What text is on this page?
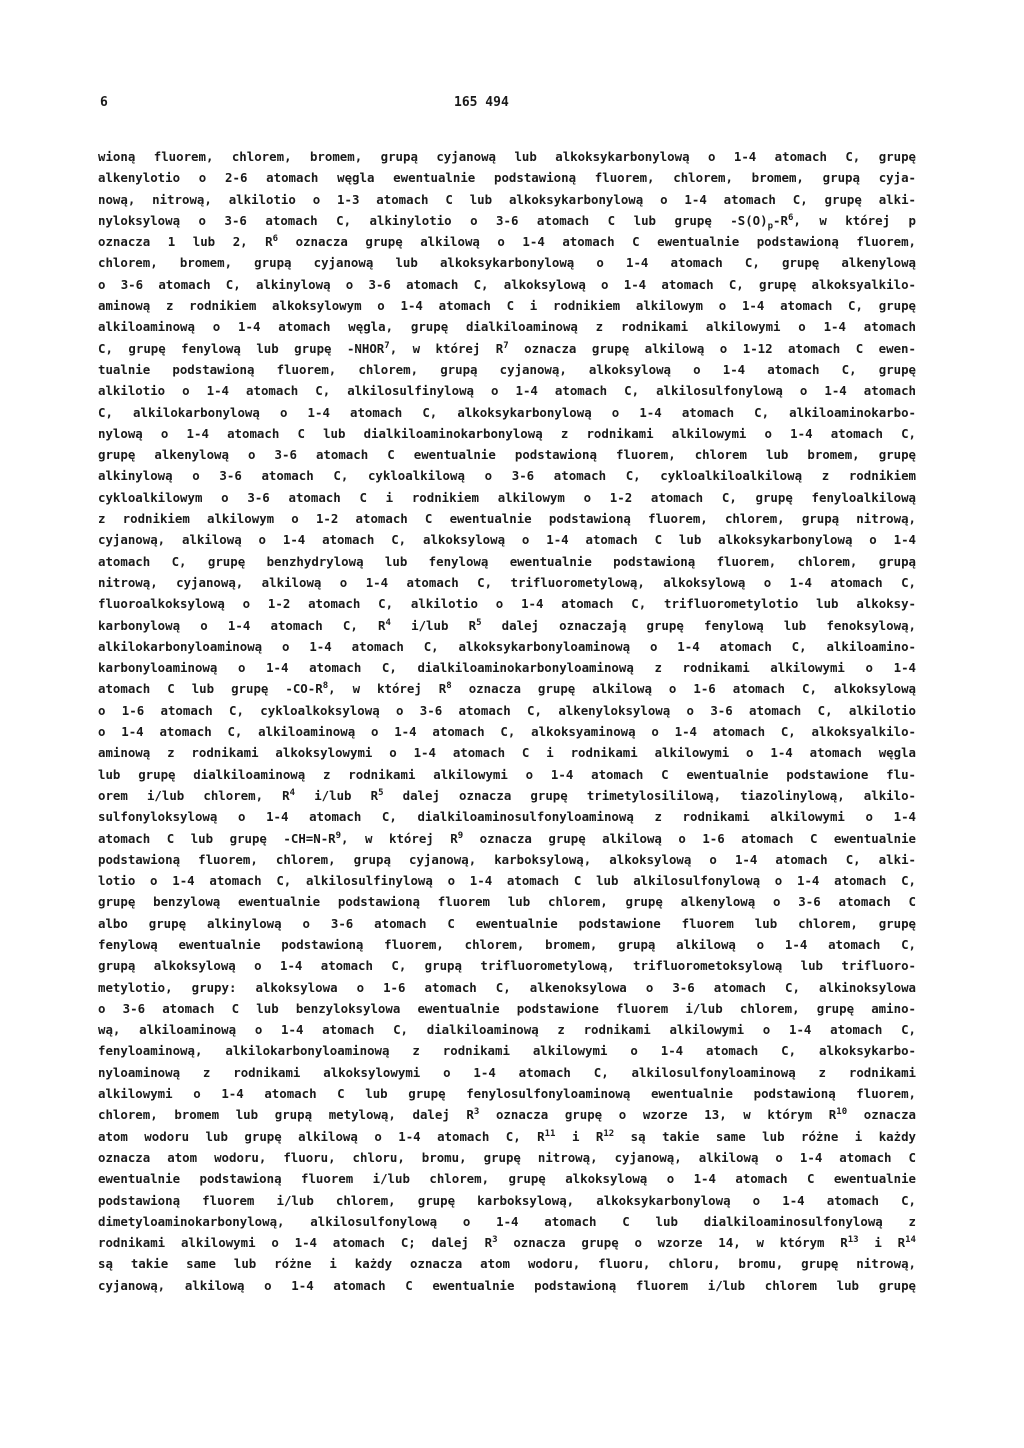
6	165 494
wioną fluorem, chlorem, bromem, grupą cyjanową lub alkoksykarbonylową o 1-4 atomach C, grupę
alkenylotio o 2-6 atomach węgla ewentualnie podstawioną fluorem, chlorem, bromem, grupą cyja-
nową, nitrową, alkilotio o 1-3 atomach C lub alkoksykarbonylową o 1-4 atomach C, grupę alki-
nyloksylową o 3-6 atomach C, alkinylotio o 3-6 atomach C lub grupę $-S(O)_p-R^6$, w której p
oznacza 1 lub 2, $R^6$ oznacza grupę alkilową o 1-4 atomach C ewentualnie podstawioną fluorem,
chlorem, bromem, grupą cyjanową lub alkoksykarbonylową o 1-4 atomach C, grupę alkenylową
o 3-6 atomach C, alkinylową o 3-6 atomach C, alkoksylową o 1-4 atomach C, grupę alkoksyalkilo-
aminową z rodnikiem alkoksylowym o 1-4 atomach C i rodnikiem alkilowym o 1-4 atomach C, grupę
alkiloaminową o 1-4 atomach węgla, grupę dialkiloaminową z rodnikami alkilowymi o 1-4 atomach
C, grupę fenylową lub grupę -NHOR$^7$, w której $R^7$ oznacza grupę alkilową o 1-12 atomach C ewen-
tualnie podstawioną fluorem, chlorem, grupą cyjanową, alkoksylową o 1-4 atomach C, grupę
alkilotio o 1-4 atomach C, alkilosulfinylową o 1-4 atomach C, alkilosulfonylową o 1-4 atomach
C, alkilokarbonylową o 1-4 atomach C, alkoksykarbonylową o 1-4 atomach C, alkiloaminokarbo-
nylową o 1-4 atomach C lub dialkiloaminokarbonylową z rodnikami alkilowymi o 1-4 atomach C,
grupę alkenylową o 3-6 atomach C ewentualnie podstawioną fluorem, chlorem lub bromem, grupę
alkinylową o 3-6 atomach C, cykloalkilową o 3-6 atomach C, cykloalkiloalkilową z rodnikiem
cykloalkilowym o 3-6 atomach C i rodnikiem alkilowym o 1-2 atomach C, grupę fenyloalkilową
z rodnikiem alkilowym o 1-2 atomach C ewentualnie podstawioną fluorem, chlorem, grupą nitrową,
cyjanową, alkilową o 1-4 atomach C, alkoksylową o 1-4 atomach C lub alkoksykarbonylową o 1-4
atomach C, grupę benzhydrylową lub fenylową ewentualnie podstawioną fluorem, chlorem, grupą
nitrową, cyjanową, alkilową o 1-4 atomach C, trifluorometylową, alkoksylową o 1-4 atomach C,
fluoroalkoksylową o 1-2 atomach C, alkilotio o 1-4 atomach C, trifluorometylotio lub alkoksy-
karbonylową o 1-4 atomach C, $R^4$ i/lub $R^5$ dalej oznaczają grupę fenylową lub fenoksylową,
alkilokarbonyloaminową o 1-4 atomach C, alkoksykarbonyloaminową o 1-4 atomach C, alkiloamino-
karbonyloaminową o 1-4 atomach C, dialkiloaminokarbonyloaminową z rodnikami alkilowymi o 1-4
atomach C lub grupę $-CO-R^8$, w której $R^8$ oznacza grupę alkilową o 1-6 atomach C, alkoksylową
o 1-6 atomach C, cykloalkoksylową o 3-6 atomach C, alkenyloksylową o 3-6 atomach C, alkilotio
o 1-4 atomach C, alkiloaminową o 1-4 atomach C, alkoksyaminową o 1-4 atomach C, alkoksyalkilo-
aminową z rodnikami alkoksylowymi o 1-4 atomach C i rodnikami alkilowymi o 1-4 atomach węgla
lub grupę dialkiloaminową z rodnikami alkilowymi o 1-4 atomach C ewentualnie podstawione flu-
orem i/lub chlorem, $R^4$ i/lub $R^5$ dalej oznacza grupę trimetylosililową, tiazolinylową, alkilo-
sulfonyloksylową o 1-4 atomach C, dialkiloaminosulfonyloaminową z rodnikami alkilowymi o 1-4
atomach C lub grupę $-CH=N-R^9$, w której $R^9$ oznacza grupę alkilową o 1-6 atomach C ewentualnie
podstawioną fluorem, chlorem, grupą cyjanową, karboksylową, alkoksylową o 1-4 atomach C, alki-
lotio o 1-4 atomach C, alkilosulfinylową o 1-4 atomach C lub alkilosulfonylową o 1-4 atomach C,
grupę benzylową ewentualnie podstawioną fluorem lub chlorem, grupę alkenylową o 3-6 atomach C
albo grupę alkinylową o 3-6 atomach C ewentualnie podstawione fluorem lub chlorem, grupę
fenylową ewentualnie podstawioną fluorem, chlorem, bromem, grupą alkilową o 1-4 atomach C,
grupą alkoksylową o 1-4 atomach C, grupą trifluorometylową, trifluorometoksylową lub trifluoro-
metylotio, grupy: alkoksylowa o 1-6 atomach C, alkenoksylowa o 3-6 atomach C, alkinoksylowa
o 3-6 atomach C lub benzyloksylowa ewentualnie podstawione fluorem i/lub chlorem, grupę amino-
wą, alkiloaminową o 1-4 atomach C, dialkiloaminową z rodnikami alkilowymi o 1-4 atomach C,
fenyloaminową, alkilokarbonyloaminową z rodnikami alkilowymi o 1-4 atomach C, alkoksykarbo-
nyloaminową z rodnikami alkoksylowymi o 1-4 atomach C, alkilosulfonyloaminową z rodnikami
alkilowymi o 1-4 atomach C lub grupę fenylosulfonyloaminową ewentualnie podstawioną fluorem,
chlorem, bromem lub grupą metylową, dalej $R^3$ oznacza grupę o wzorze 13, w którym $R^{10}$ oznacza
atom wodoru lub grupę alkilową o 1-4 atomach C, $R^{11}$ i $R^{12}$ są takie same lub różne i każdy
oznacza atom wodoru, fluoru, chloru, bromu, grupę nitrową, cyjanową, alkilową o 1-4 atomach C
ewentualnie podstawioną fluorem i/lub chlorem, grupę alkoksylową o 1-4 atomach C ewentualnie
podstawioną fluorem i/lub chlorem, grupę karboksylową, alkoksykarbonylową o 1-4 atomach C,
dimetyloaminokarbonylową, alkilosulfonylową o 1-4 atomach C lub dialkiloaminosulfonylową z
rodnikami alkilowymi o 1-4 atomach C; dalej $R^3$ oznacza grupę o wzorze 14, w którym $R^{13}$ i $R^{14}$
są takie same lub różne i każdy oznacza atom wodoru, fluoru, chloru, bromu, grupę nitrową,
cyjanową, alkilową o 1-4 atomach C ewentualnie podstawioną fluorem i/lub chlorem lub grupę
